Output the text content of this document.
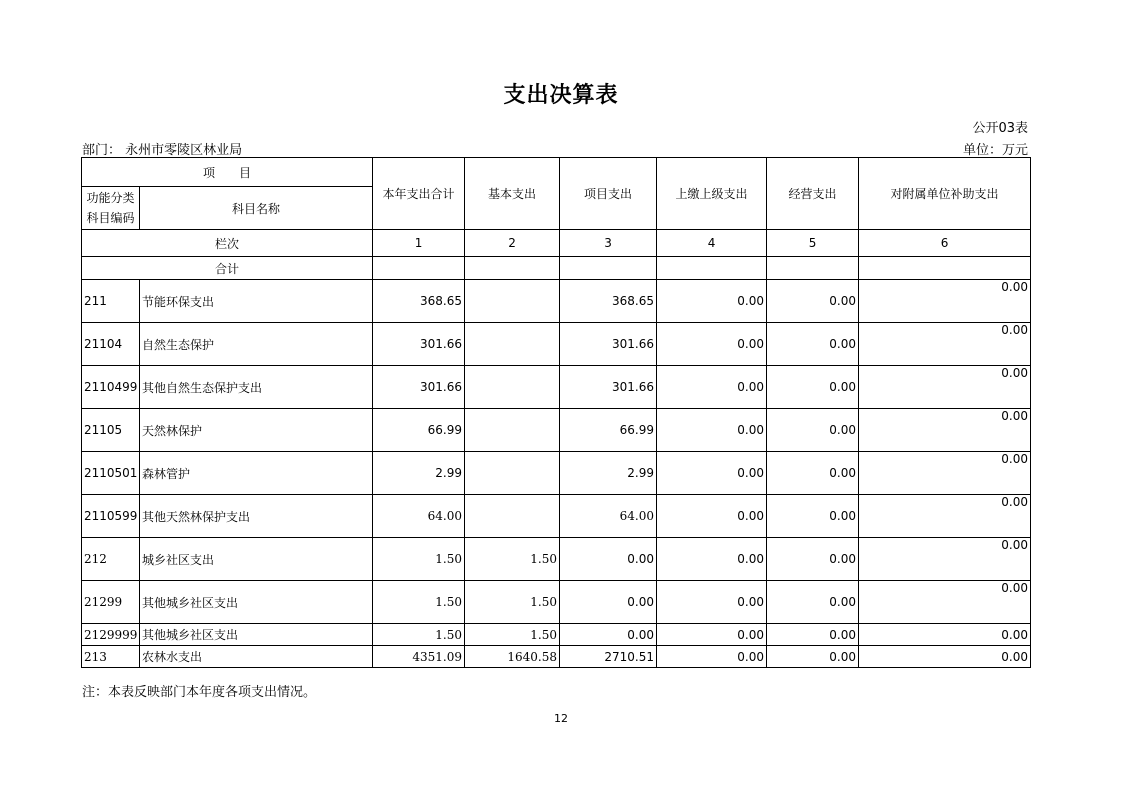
支出决算表
公开03表
部门： 永州市零陵区林业局	单位：万元
项　　目		本年支出合计	基本支出	项目支出	上缴上级支出	经营支出	对附属单位补助支出
功能分类科目编码	科目名称						
栏次		1	2	3	4	5	6
合计							
211	节能环保支出	368.65		368.65	0.00	0.00	0.00
21104	自然生态保护	301.66		301.66	0.00	0.00	0.00
2110499	其他自然生态保护支出	301.66		301.66	0.00	0.00	0.00
21105	天然林保护	66.99		66.99	0.00	0.00	0.00
2110501	森林管护	2.99		2.99	0.00	0.00	0.00
2110599	其他天然林保护支出	64.00		64.00	0.00	0.00	0.00
212	城乡社区支出	1.50	1.50	0.00	0.00	0.00	0.00
21299	其他城乡社区支出	1.50	1.50	0.00	0.00	0.00	0.00
2129999	其他城乡社区支出	1.50	1.50	0.00	0.00	0.00	0.00
213	农林水支出	4351.09	1640.58	2710.51	0.00	0.00	0.00
注：本表反映部门本年度各项支出情况。
12
